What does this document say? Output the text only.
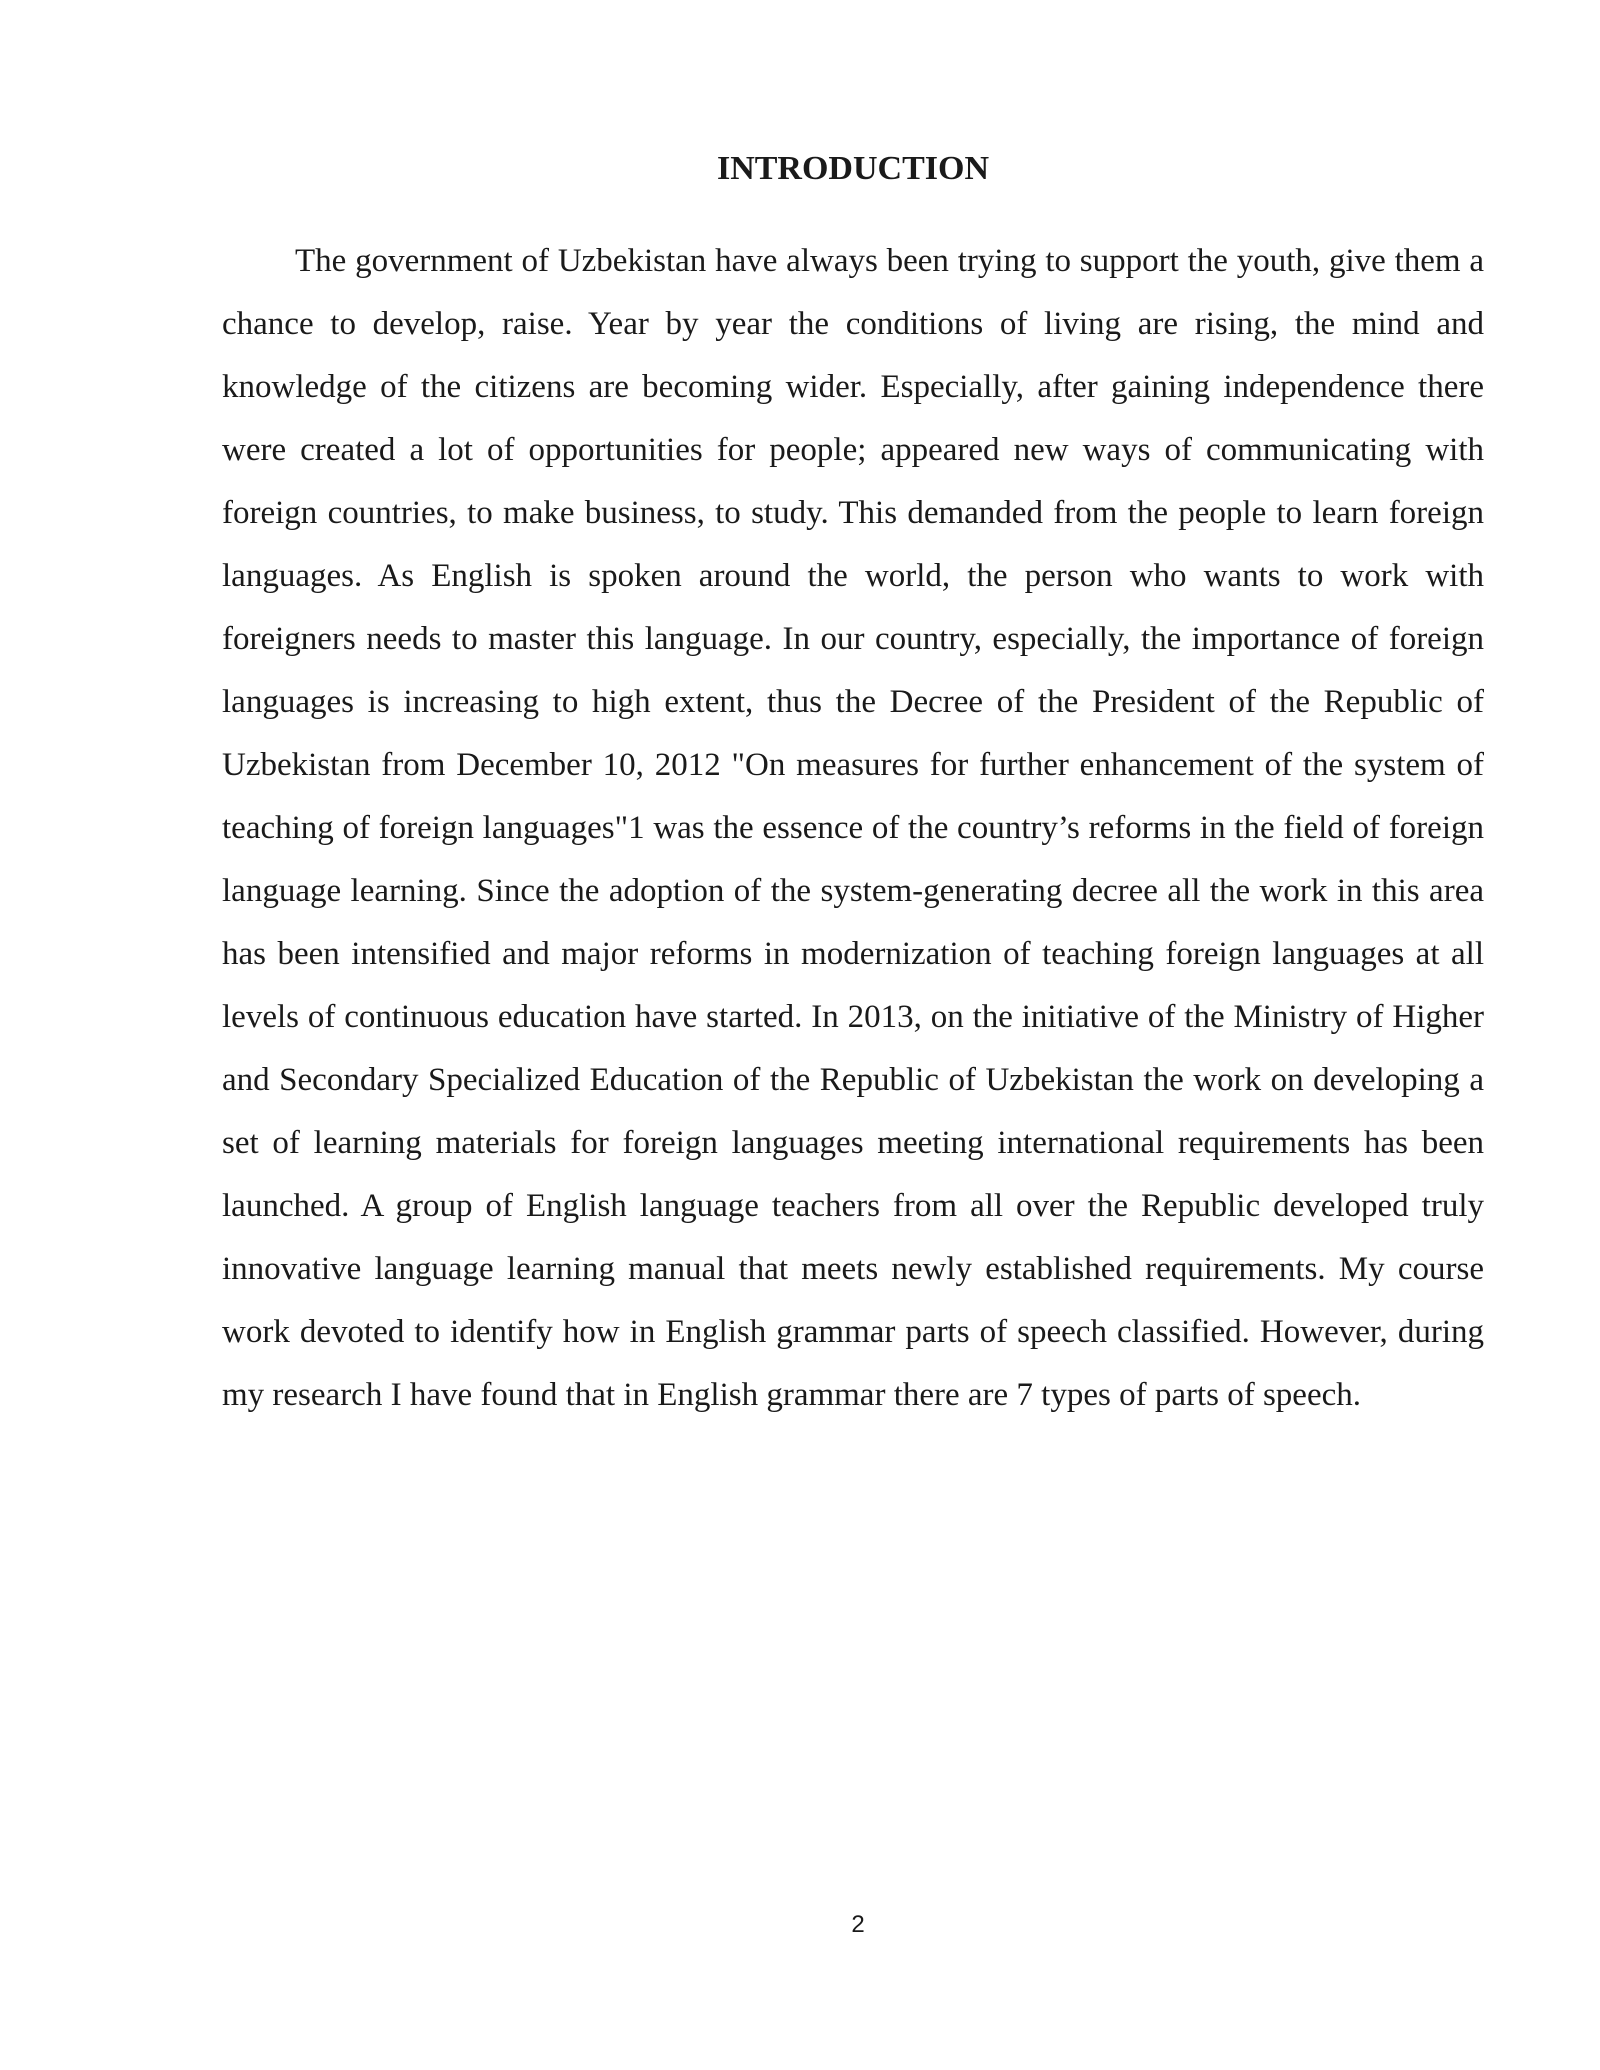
INTRODUCTION

The government of Uzbekistan have always been trying to support the youth, give them a chance to develop, raise. Year by year the conditions of living are rising, the mind and knowledge of the citizens are becoming wider. Especially, after gaining independence there were created a lot of opportunities for people; appeared new ways of communicating with foreign countries, to make business, to study. This demanded from the people to learn foreign languages. As English is spoken around the world, the person who wants to work with foreigners needs to master this language. In our country, especially, the importance of foreign languages is increasing to high extent, thus the Decree of the President of the Republic of Uzbekistan from December 10, 2012 "On measures for further enhancement of the system of teaching of foreign languages"1 was the essence of the country’s reforms in the field of foreign language learning. Since the adoption of the system-generating decree all the work in this area has been intensified and major reforms in modernization of teaching foreign languages at all levels of continuous education have started. In 2013, on the initiative of the Ministry of Higher and Secondary Specialized Education of the Republic of Uzbekistan the work on developing a set of learning materials for foreign languages meeting international requirements has been launched. A group of English language teachers from all over the Republic developed truly innovative language learning manual that meets newly established requirements. My course work devoted to identify how in English grammar parts of speech classified. However, during my research I have found that in English grammar there are 7 types of parts of speech.

2
